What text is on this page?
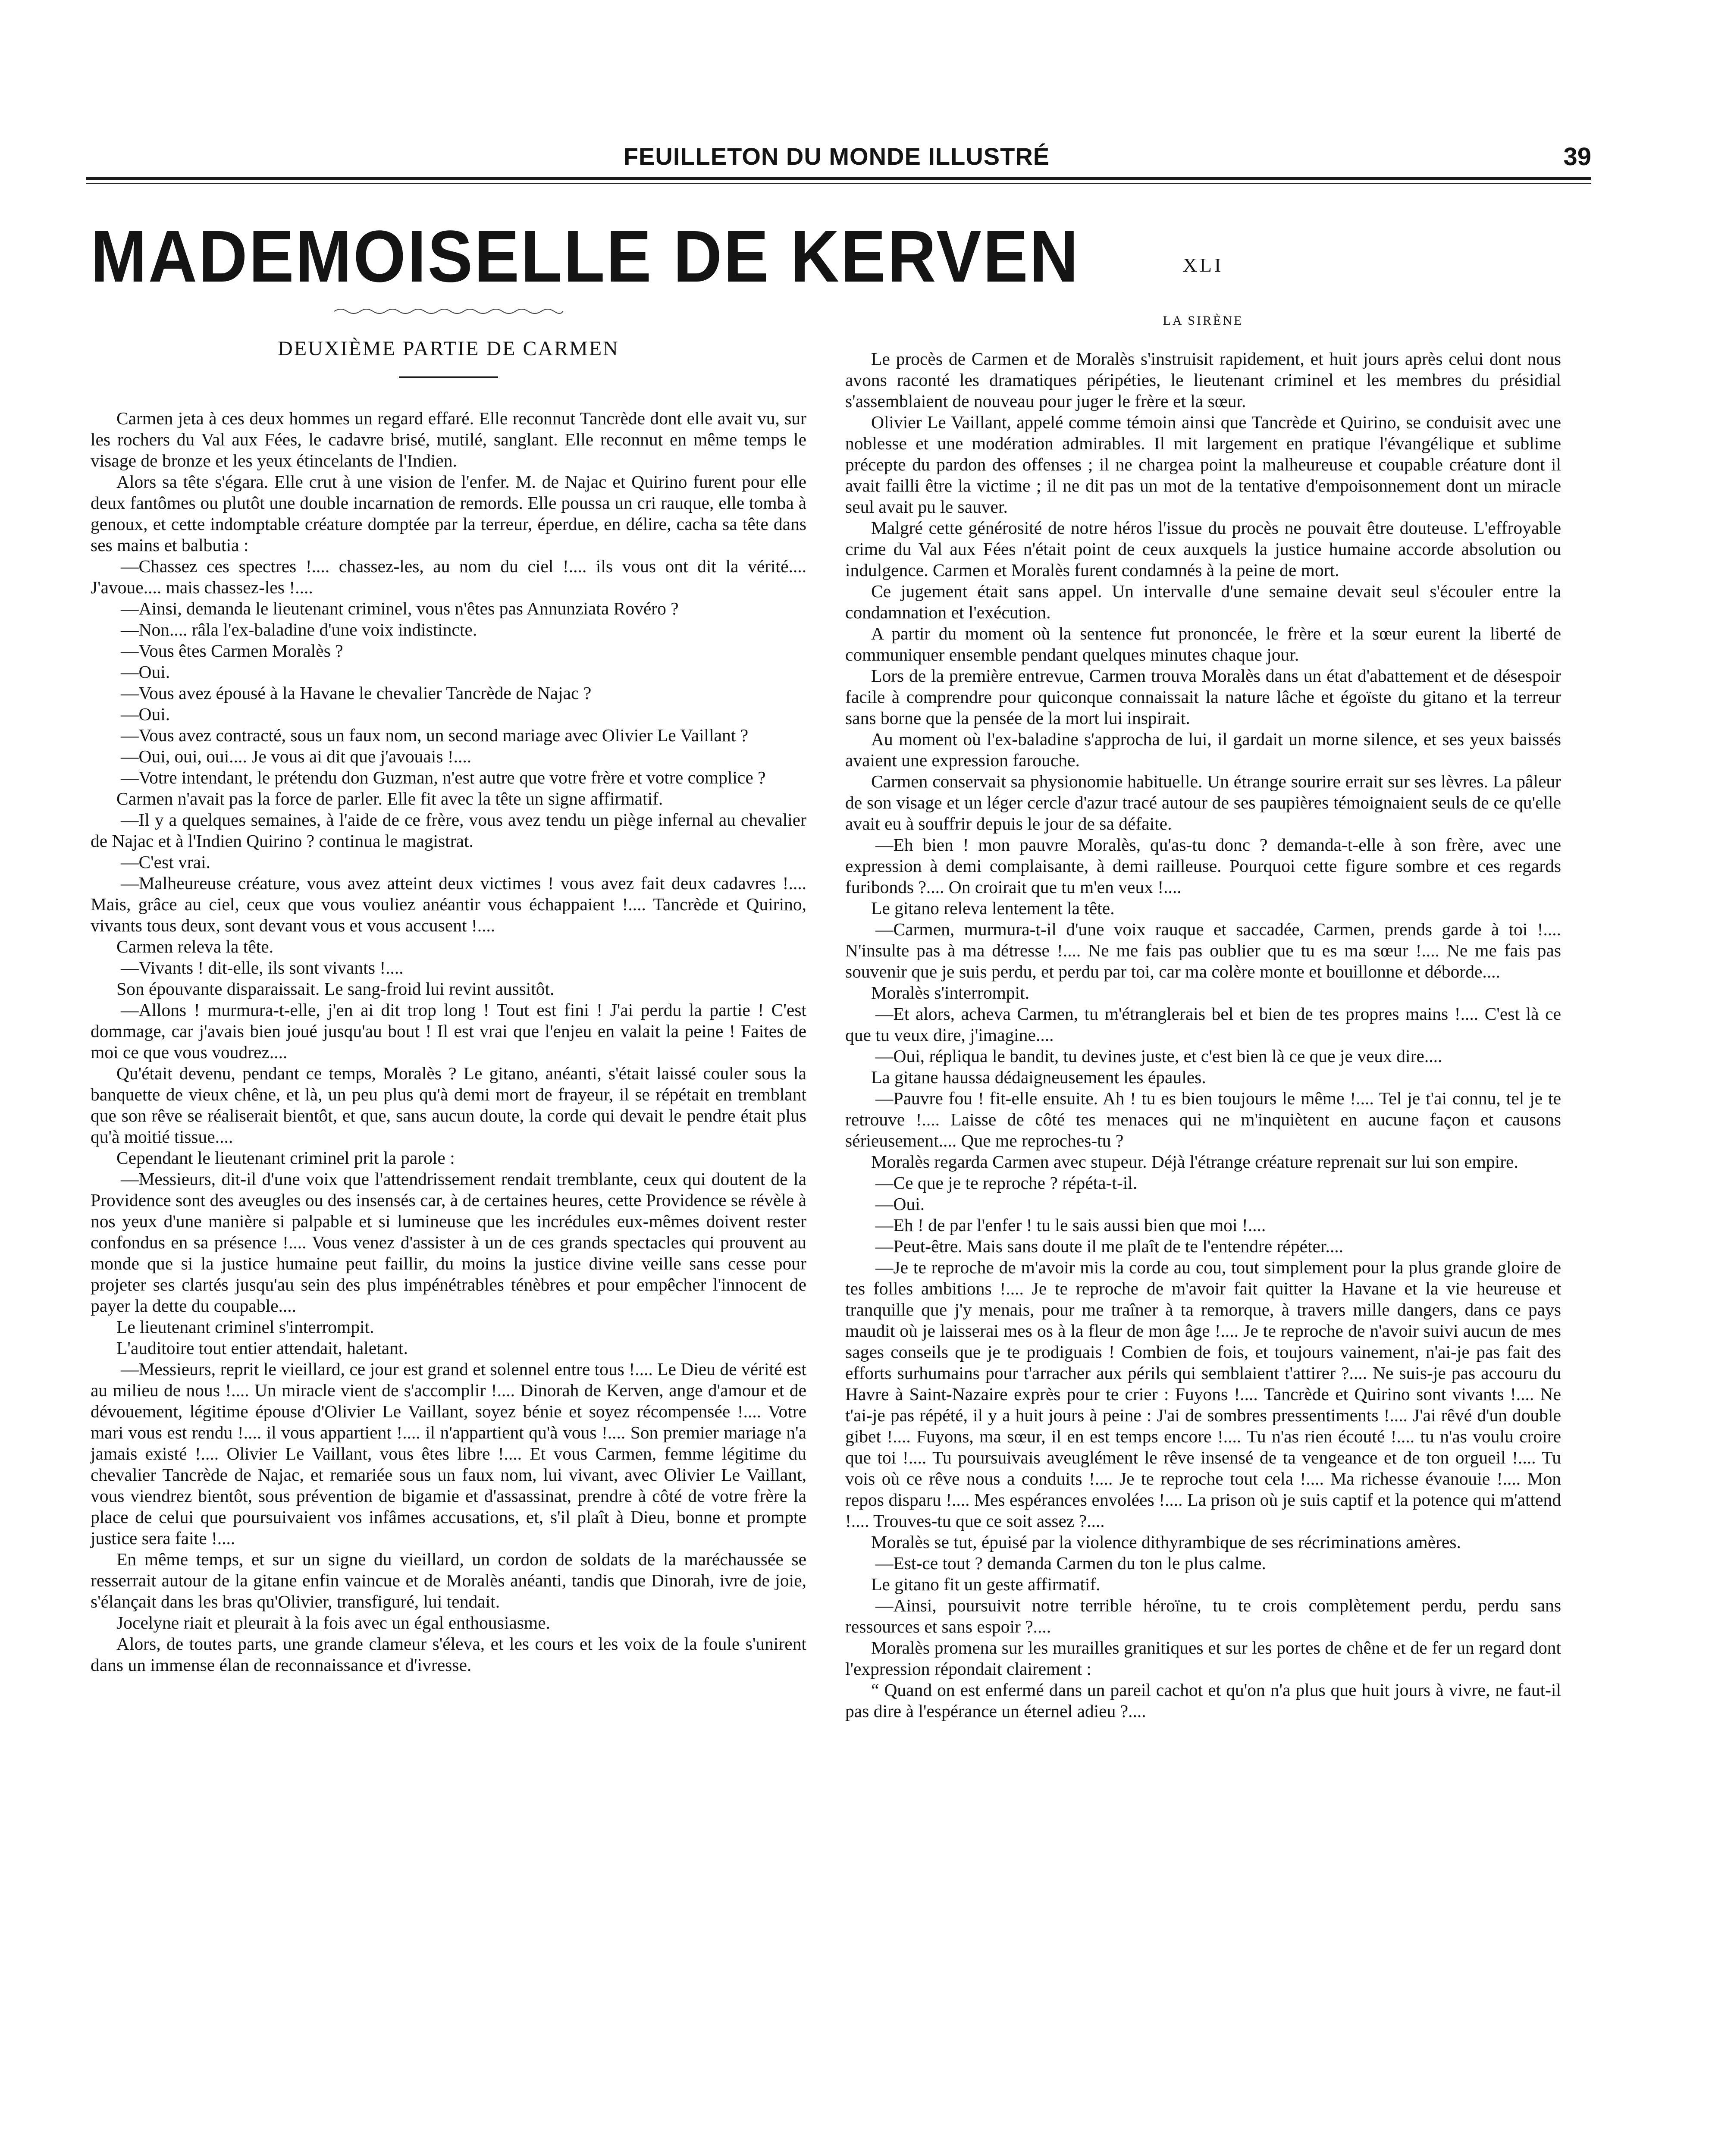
FEUILLETON DU MONDE ILLUSTRÉ	39
MADEMOISELLE DE KERVEN
DEUXIÈME PARTIE DE CARMEN

Carmen jeta à ces deux hommes un regard effaré. Elle reconnut Tancrède dont elle avait vu, sur les rochers du Val aux Fées, le cadavre brisé, mutilé, sanglant. Elle reconnut en même temps le visage de bronze et les yeux étincelants de l'Indien.

Alors sa tête s'égara. Elle crut à une vision de l'enfer. M. de Najac et Quirino furent pour elle deux fantômes ou plutôt une double incarnation de remords. Elle poussa un cri rauque, elle tomba à genoux, et cette indomptable créature domptée par la terreur, éperdue, en délire, cacha sa tête dans ses mains et balbutia :

—Chassez ces spectres !.... chassez-les, au nom du ciel !.... ils vous ont dit la vérité.... J'avoue.... mais chassez-les !....

—Ainsi, demanda le lieutenant criminel, vous n'êtes pas Annunziata Rovéro ?

—Non.... râla l'ex-baladine d'une voix indistincte.

—Vous êtes Carmen Moralès ?

—Oui.

—Vous avez épousé à la Havane le chevalier Tancrède de Najac ?

—Oui.

—Vous avez contracté, sous un faux nom, un second mariage avec Olivier Le Vaillant ?

—Oui, oui, oui.... Je vous ai dit que j'avouais !....

—Votre intendant, le prétendu don Guzman, n'est autre que votre frère et votre complice ?

Carmen n'avait pas la force de parler. Elle fit avec la tête un signe affirmatif.

—Il y a quelques semaines, à l'aide de ce frère, vous avez tendu un piège infernal au chevalier de Najac et à l'Indien Quirino ? continua le magistrat.

—C'est vrai.

—Malheureuse créature, vous avez atteint deux victimes ! vous avez fait deux cadavres !.... Mais, grâce au ciel, ceux que vous vouliez anéantir vous échappaient !.... Tancrède et Quirino, vivants tous deux, sont devant vous et vous accusent !....

Carmen releva la tête.

—Vivants ! dit-elle, ils sont vivants !....

Son épouvante disparaissait. Le sang-froid lui revint aussitôt.

—Allons ! murmura-t-elle, j'en ai dit trop long ! Tout est fini ! J'ai perdu la partie ! C'est dommage, car j'avais bien joué jusqu'au bout ! Il est vrai que l'enjeu en valait la peine ! Faites de moi ce que vous voudrez....

Qu'était devenu, pendant ce temps, Moralès ? Le gitano, anéanti, s'était laissé couler sous la banquette de vieux chêne, et là, un peu plus qu'à demi mort de frayeur, il se répétait en tremblant que son rêve se réaliserait bientôt, et que, sans aucun doute, la corde qui devait le pendre était plus qu'à moitié tissue....

Cependant le lieutenant criminel prit la parole :

—Messieurs, dit-il d'une voix que l'attendrissement rendait tremblante, ceux qui doutent de la Providence sont des aveugles ou des insensés car, à de certaines heures, cette Providence se révèle à nos yeux d'une manière si palpable et si lumineuse que les incrédules eux-mêmes doivent rester confondus en sa présence !.... Vous venez d'assister à un de ces grands spectacles qui prouvent au monde que si la justice humaine peut faillir, du moins la justice divine veille sans cesse pour projeter ses clartés jusqu'au sein des plus impénétrables ténèbres et pour empêcher l'innocent de payer la dette du coupable....

Le lieutenant criminel s'interrompit.

L'auditoire tout entier attendait, haletant.

—Messieurs, reprit le vieillard, ce jour est grand et solennel entre tous !.... Le Dieu de vérité est au milieu de nous !.... Un miracle vient de s'accomplir !.... Dinorah de Kerven, ange d'amour et de dévouement, légitime épouse d'Olivier Le Vaillant, soyez bénie et soyez récompensée !.... Votre mari vous est rendu !.... il vous appartient !.... il n'appartient qu'à vous !.... Son premier mariage n'a jamais existé !.... Olivier Le Vaillant, vous êtes libre !.... Et vous Carmen, femme légitime du chevalier Tancrède de Najac, et remariée sous un faux nom, lui vivant, avec Olivier Le Vaillant, vous viendrez bientôt, sous prévention de bigamie et d'assassinat, prendre à côté de votre frère la place de celui que poursuivaient vos infâmes accusations, et, s'il plaît à Dieu, bonne et prompte justice sera faite !....

En même temps, et sur un signe du vieillard, un cordon de soldats de la maréchaussée se resserrait autour de la gitane enfin vaincue et de Moralès anéanti, tandis que Dinorah, ivre de joie, s'élançait dans les bras qu'Olivier, transfiguré, lui tendait.

Jocelyne riait et pleurait à la fois avec un égal enthousiasme.

Alors, de toutes parts, une grande clameur s'éleva, et les cours et les voix de la foule s'unirent dans un immense élan de reconnaissance et d'ivresse.

XLI
LA SIRÈNE

Le procès de Carmen et de Moralès s'instruisit rapidement, et huit jours après celui dont nous avons raconté les dramatiques péripéties, le lieutenant criminel et les membres du présidial s'assemblaient de nouveau pour juger le frère et la sœur.

Olivier Le Vaillant, appelé comme témoin ainsi que Tancrède et Quirino, se conduisit avec une noblesse et une modération admirables. Il mit largement en pratique l'évangélique et sublime précepte du pardon des offenses ; il ne chargea point la malheureuse et coupable créature dont il avait failli être la victime ; il ne dit pas un mot de la tentative d'empoisonnement dont un miracle seul avait pu le sauver.

Malgré cette générosité de notre héros l'issue du procès ne pouvait être douteuse. L'effroyable crime du Val aux Fées n'était point de ceux auxquels la justice humaine accorde absolution ou indulgence. Carmen et Moralès furent condamnés à la peine de mort.

Ce jugement était sans appel. Un intervalle d'une semaine devait seul s'écouler entre la condamnation et l'exécution.

A partir du moment où la sentence fut prononcée, le frère et la sœur eurent la liberté de communiquer ensemble pendant quelques minutes chaque jour.

Lors de la première entrevue, Carmen trouva Moralès dans un état d'abattement et de désespoir facile à comprendre pour quiconque connaissait la nature lâche et égoïste du gitano et la terreur sans borne que la pensée de la mort lui inspirait.

Au moment où l'ex-baladine s'approcha de lui, il gardait un morne silence, et ses yeux baissés avaient une expression farouche.

Carmen conservait sa physionomie habituelle. Un étrange sourire errait sur ses lèvres. La pâleur de son visage et un léger cercle d'azur tracé autour de ses paupières témoignaient seuls de ce qu'elle avait eu à souffrir depuis le jour de sa défaite.

—Eh bien ! mon pauvre Moralès, qu'as-tu donc ? demanda-t-elle à son frère, avec une expression à demi complaisante, à demi railleuse. Pourquoi cette figure sombre et ces regards furibonds ?.... On croirait que tu m'en veux !....

Le gitano releva lentement la tête.

—Carmen, murmura-t-il d'une voix rauque et saccadée, Carmen, prends garde à toi !.... N'insulte pas à ma détresse !.... Ne me fais pas oublier que tu es ma sœur !.... Ne me fais pas souvenir que je suis perdu, et perdu par toi, car ma colère monte et bouillonne et déborde....

Moralès s'interrompit.

—Et alors, acheva Carmen, tu m'étranglerais bel et bien de tes propres mains !.... C'est là ce que tu veux dire, j'imagine....

—Oui, répliqua le bandit, tu devines juste, et c'est bien là ce que je veux dire....

La gitane haussa dédaigneusement les épaules.

—Pauvre fou ! fit-elle ensuite. Ah ! tu es bien toujours le même !.... Tel je t'ai connu, tel je te retrouve !.... Laisse de côté tes menaces qui ne m'inquiètent en aucune façon et causons sérieusement.... Que me reproches-tu ?

Moralès regarda Carmen avec stupeur. Déjà l'étrange créature reprenait sur lui son empire.

—Ce que je te reproche ? répéta-t-il.

—Oui.

—Eh ! de par l'enfer ! tu le sais aussi bien que moi !....

—Peut-être. Mais sans doute il me plaît de te l'entendre répéter....

—Je te reproche de m'avoir mis la corde au cou, tout simplement pour la plus grande gloire de tes folles ambitions !.... Je te reproche de m'avoir fait quitter la Havane et la vie heureuse et tranquille que j'y menais, pour me traîner à ta remorque, à travers mille dangers, dans ce pays maudit où je laisserai mes os à la fleur de mon âge !.... Je te reproche de n'avoir suivi aucun de mes sages conseils que je te prodiguais ! Combien de fois, et toujours vainement, n'ai-je pas fait des efforts surhumains pour t'arracher aux périls qui semblaient t'attirer ?.... Ne suis-je pas accouru du Havre à Saint-Nazaire exprès pour te crier : Fuyons !.... Tancrède et Quirino sont vivants !.... Ne t'ai-je pas répété, il y a huit jours à peine : J'ai de sombres pressentiments !.... J'ai rêvé d'un double gibet !.... Fuyons, ma sœur, il en est temps encore !.... Tu n'as rien écouté !.... tu n'as voulu croire que toi !.... Tu poursuivais aveuglément le rêve insensé de ta vengeance et de ton orgueil !.... Tu vois où ce rêve nous a conduits !.... Je te reproche tout cela !.... Ma richesse évanouie !.... Mon repos disparu !.... Mes espérances envolées !.... La prison où je suis captif et la potence qui m'attend !.... Trouves-tu que ce soit assez ?....

Moralès se tut, épuisé par la violence dithyrambique de ses récriminations amères.

—Est-ce tout ? demanda Carmen du ton le plus calme.

Le gitano fit un geste affirmatif.

—Ainsi, poursuivit notre terrible héroïne, tu te crois complètement perdu, perdu sans ressources et sans espoir ?....

Moralès promena sur les murailles granitiques et sur les portes de chêne et de fer un regard dont l'expression répondait clairement :

“ Quand on est enfermé dans un pareil cachot et qu'on n'a plus que huit jours à vivre, ne faut-il pas dire à l'espérance un éternel adieu ?....
